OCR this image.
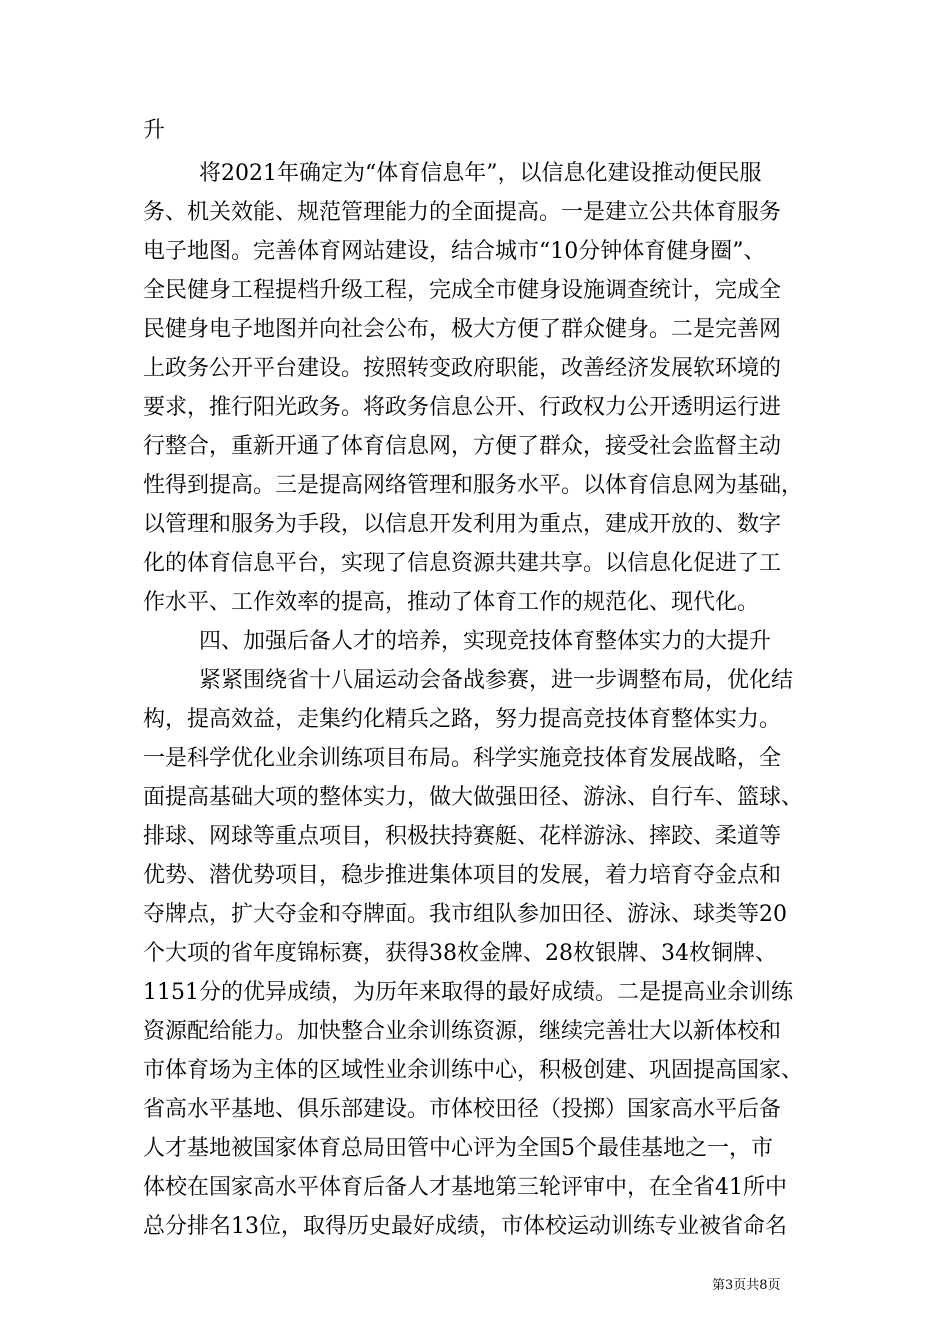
升

将2021年确定为“体育信息年”，以信息化建设推动便民服

务、机关效能、规范管理能力的全面提高。一是建立公共体育服务

电子地图。完善体育网站建设，结合城市“10分钟体育健身圈”、

全民健身工程提档升级工程，完成全市健身设施调查统计，完成全

民健身电子地图并向社会公布，极大方便了群众健身。二是完善网

上政务公开平台建设。按照转变政府职能，改善经济发展软环境的

要求，推行阳光政务。将政务信息公开、行政权力公开透明运行进

行整合，重新开通了体育信息网，方便了群众，接受社会监督主动

性得到提高。三是提高网络管理和服务水平。以体育信息网为基础，

以管理和服务为手段，以信息开发利用为重点，建成开放的、数字

化的体育信息平台，实现了信息资源共建共享。以信息化促进了工

作水平、工作效率的提高，推动了体育工作的规范化、现代化。

四、加强后备人才的培养，实现竞技体育整体实力的大提升

紧紧围绕省十八届运动会备战参赛，进一步调整布局，优化结

构，提高效益，走集约化精兵之路，努力提高竞技体育整体实力。

一是科学优化业余训练项目布局。科学实施竞技体育发展战略，全

面提高基础大项的整体实力，做大做强田径、游泳、自行车、篮球、

排球、网球等重点项目，积极扶持赛艇、花样游泳、摔跤、柔道等

优势、潜优势项目，稳步推进集体项目的发展，着力培育夺金点和

夺牌点，扩大夺金和夺牌面。我市组队参加田径、游泳、球类等20

个大项的省年度锦标赛，获得38枚金牌、28枚银牌、34枚铜牌、

1151分的优异成绩，为历年来取得的最好成绩。二是提高业余训练

资源配给能力。加快整合业余训练资源，继续完善壮大以新体校和

市体育场为主体的区域性业余训练中心，积极创建、巩固提高国家、

省高水平基地、俱乐部建设。市体校田径（投掷）国家高水平后备

人才基地被国家体育总局田管中心评为全国5个最佳基地之一，市

体校在国家高水平体育后备人才基地第三轮评审中，在全省41所中

总分排名13位，取得历史最好成绩，市体校运动训练专业被省命名

第3页共8页
